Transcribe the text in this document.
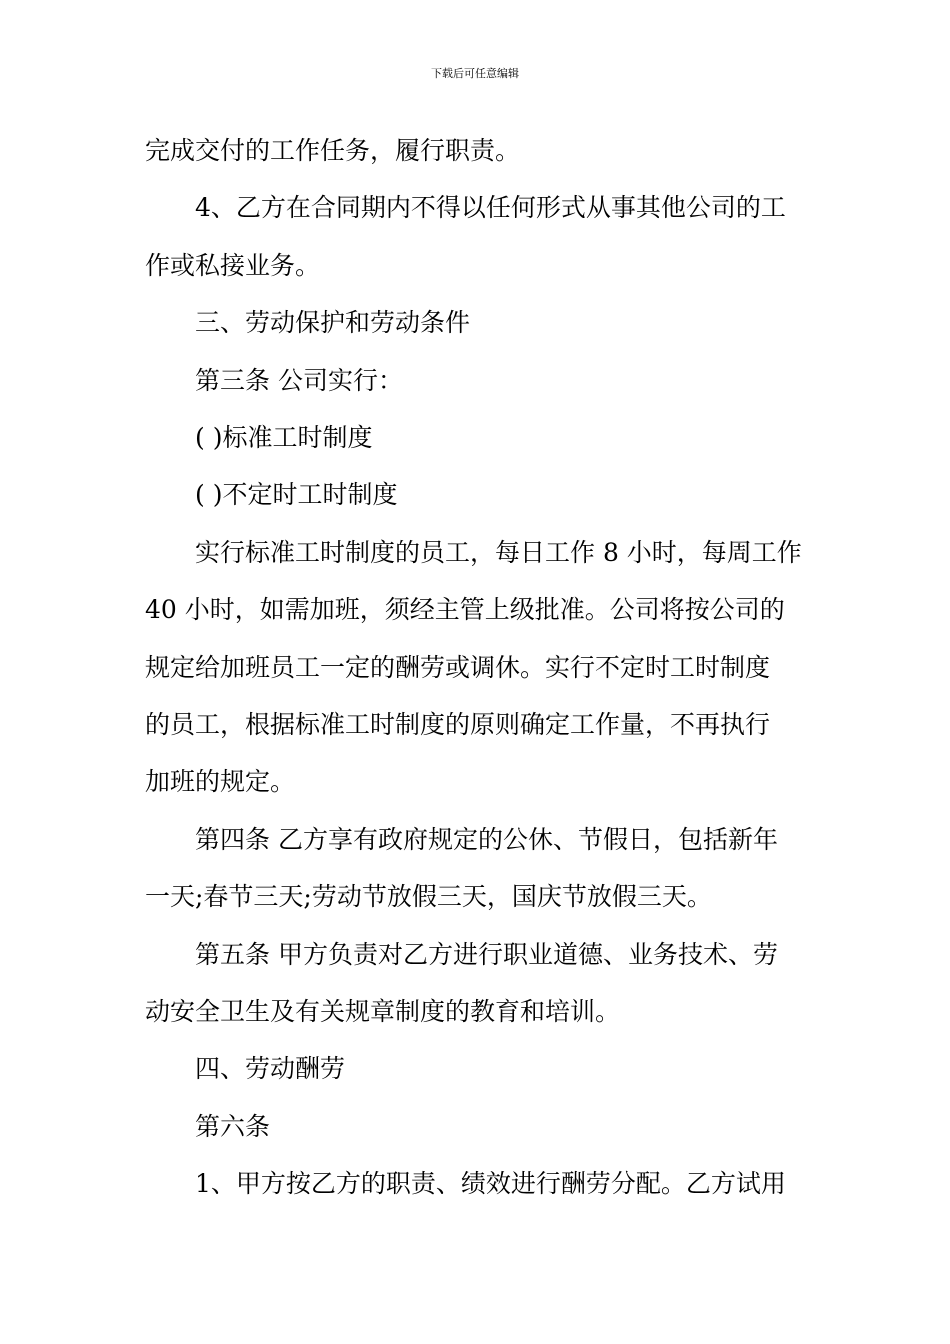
下载后可任意编辑
完成交付的工作任务，履行职责。
4、乙方在合同期内不得以任何形式从事其他公司的工
作或私接业务。
三、劳动保护和劳动条件
第三条 公司实行：
( )标准工时制度
( )不定时工时制度
实行标准工时制度的员工，每日工作 8 小时，每周工作
40 小时，如需加班，须经主管上级批准。公司将按公司的
规定给加班员工一定的酬劳或调休。实行不定时工时制度
的员工，根据标准工时制度的原则确定工作量，不再执行
加班的规定。
第四条 乙方享有政府规定的公休、节假日，包括新年
一天;春节三天;劳动节放假三天，国庆节放假三天。
第五条 甲方负责对乙方进行职业道德、业务技术、劳
动安全卫生及有关规章制度的教育和培训。
四、劳动酬劳
第六条
1、甲方按乙方的职责、绩效进行酬劳分配。乙方试用
